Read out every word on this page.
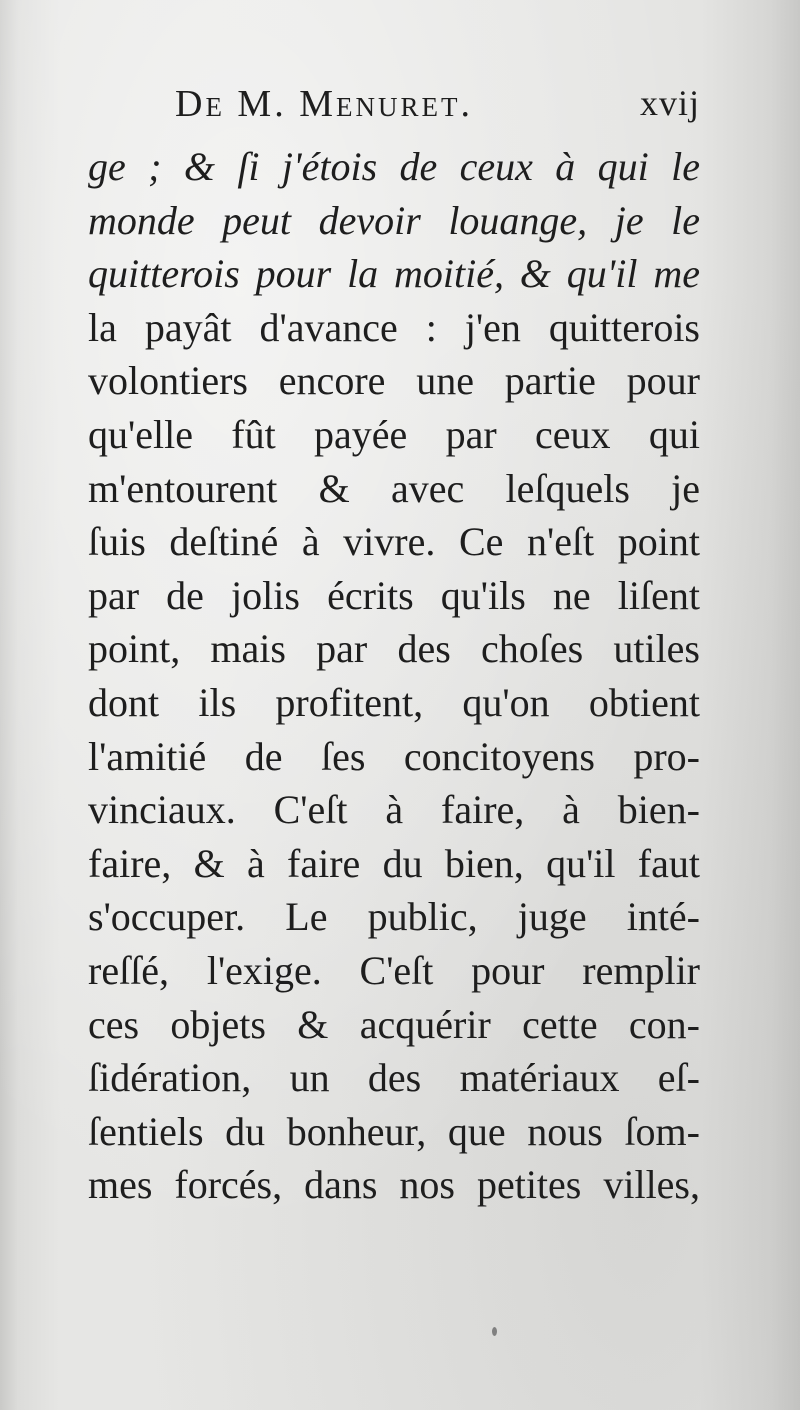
De M. Menuret.	xvij
ge ; & ſi j'étois de ceux à qui le
monde peut devoir louange, je le
quitterois pour la moitié, & qu'il me
la payât d'avance : j'en quitterois
volontiers encore une partie pour
qu'elle fût payée par ceux qui
m'entourent & avec leſquels je
ſuis deſtiné à vivre. Ce n'eſt point
par de jolis écrits qu'ils ne liſent
point, mais par des choſes utiles
dont ils profitent, qu'on obtient
l'amitié de ſes concitoyens pro-
vinciaux. C'eſt à faire, à bien-
faire, & à faire du bien, qu'il faut
s'occuper. Le public, juge inté-
reſſé, l'exige. C'eſt pour remplir
ces objets & acquérir cette con-
ſidération, un des matériaux eſ-
ſentiels du bonheur, que nous ſom-
mes forcés, dans nos petites villes,
